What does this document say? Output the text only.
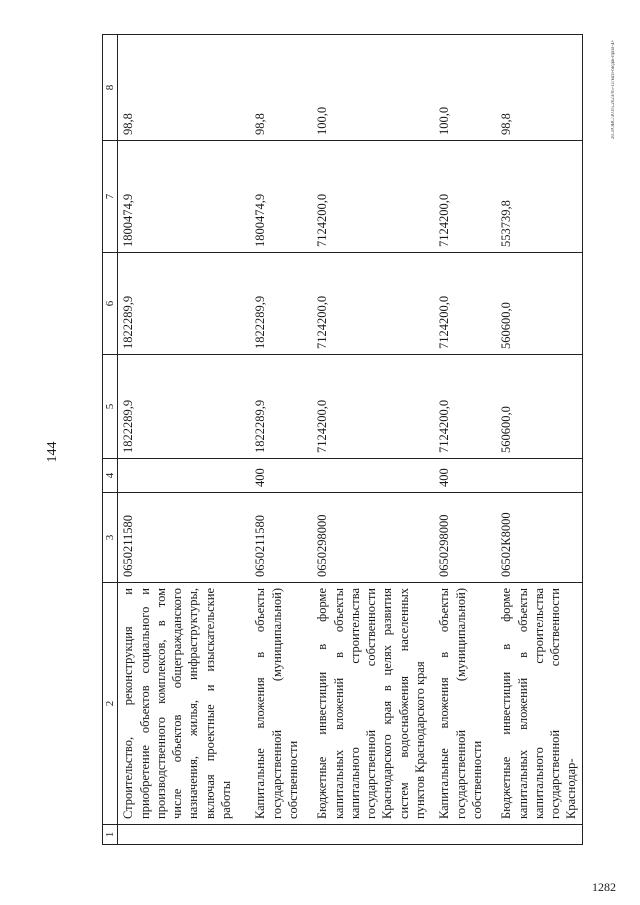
144
1	2	3	4	5	6	7	8
	Строительство, реконструкция и приобретение объектов социального и производственного комплексов, в том числе объектов общегражданского назначения, жилья, инфраструктуры, включая проектные и изыскательские работы	0650211580		1822289,9	1822289,9	1800474,9	98,8
	Капитальные вложения в объекты государственной (муниципальной) собственности	0650211580	400	1822289,9	1822289,9	1800474,9	98,8
	Бюджетные инвестиции в форме капитальных вложений в объекты капитального строительства государственной собственности Краснодарского края в целях развития систем водоснабжения населенных пунктов Краснодарского края	0650298000		7124200,0	7124200,0	7124200,0	100,0
	Капитальные вложения в объекты государственной (муниципальной) собственности	0650298000	400	7124200,0	7124200,0	7124200,0	100,0
	Бюджетные инвестиции в форме капитальных вложений в объекты капитального строительства государственной собственности Краснодар-	06502К8000		560600,0	560600,0	553739,8	98,8	20.3/OBC/30.05.2023/05-11/мсп-бюдж-прил-4+
1282
